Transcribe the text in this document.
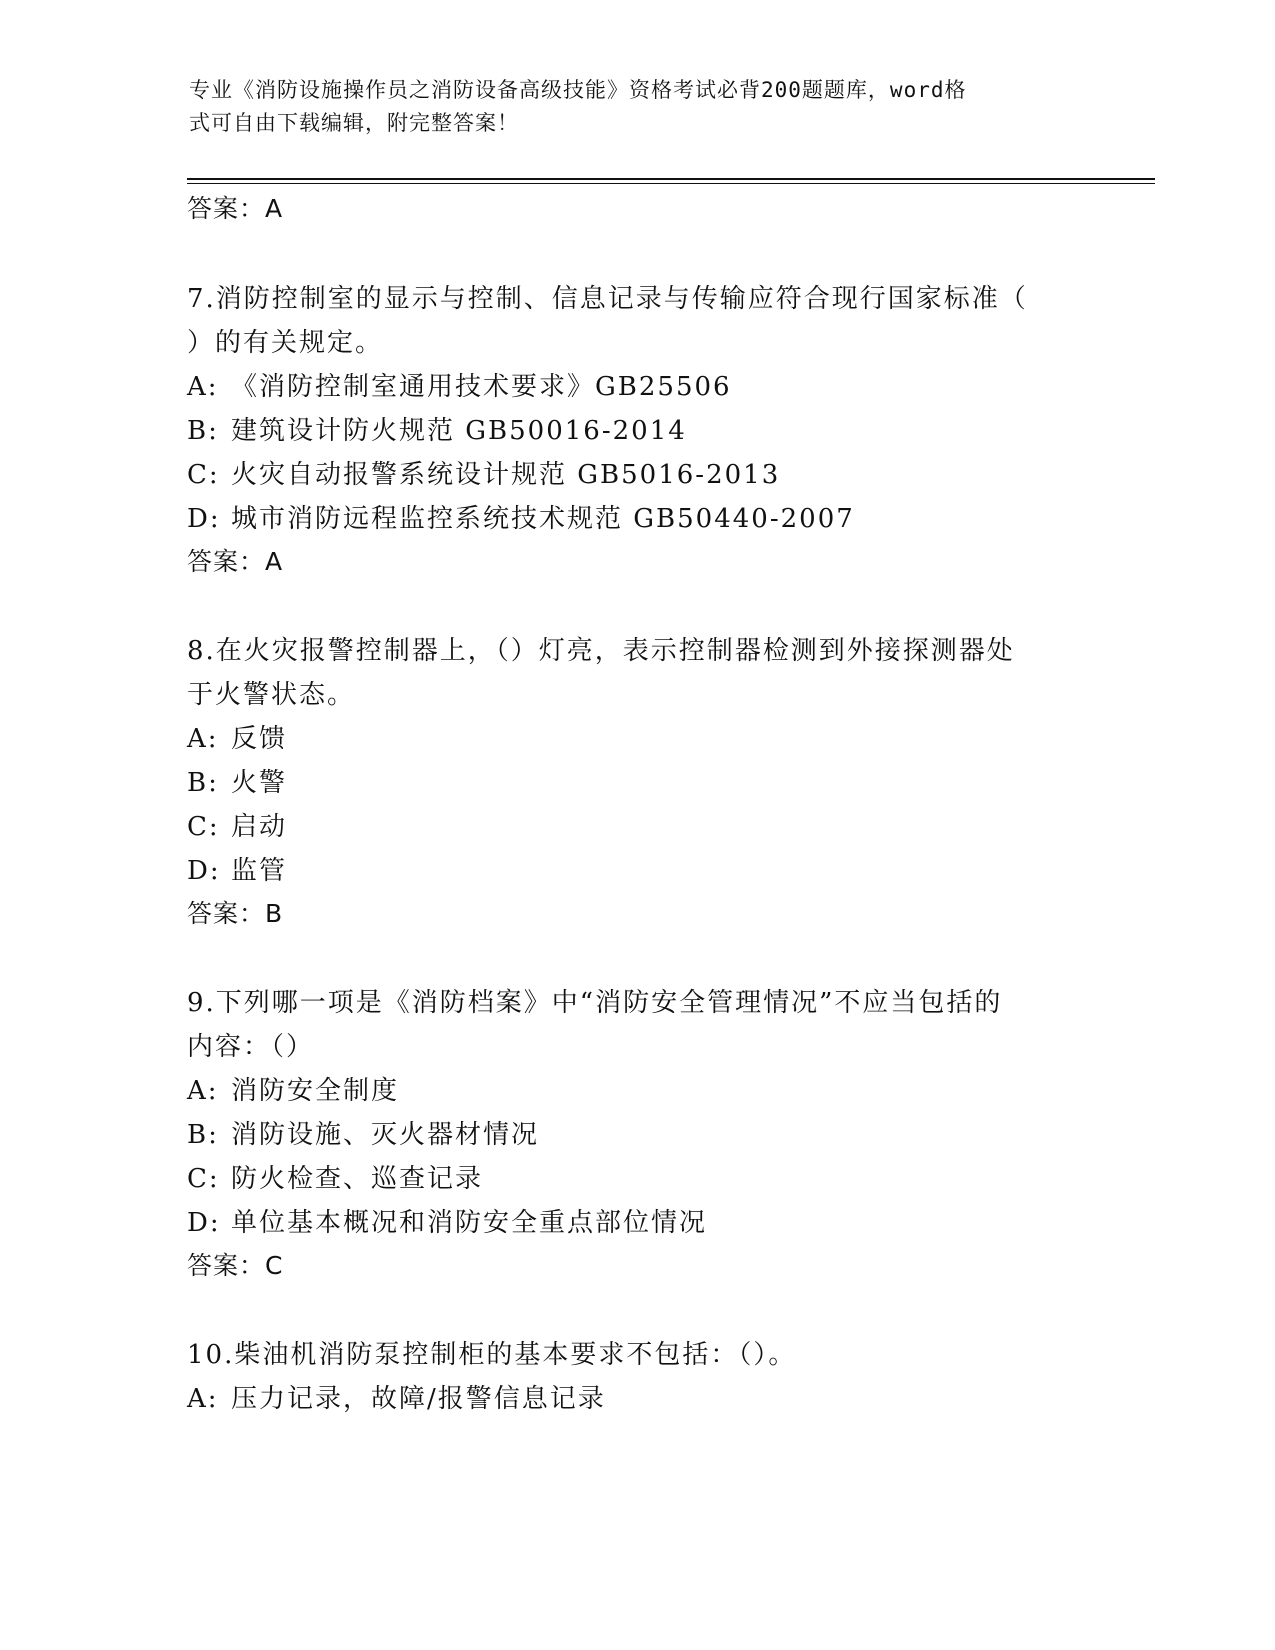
专业《消防设施操作员之消防设备高级技能》资格考试必背200题题库，word格
式可自由下载编辑，附完整答案！
答案：A
7.消防控制室的显示与控制、信息记录与传输应符合现行国家标准（
）的有关规定。
A: 《消防控制室通用技术要求》GB25506
B: 建筑设计防火规范 GB50016-2014
C: 火灾自动报警系统设计规范 GB5016-2013
D: 城市消防远程监控系统技术规范 GB50440-2007
答案：A
8.在火灾报警控制器上，（）灯亮，表示控制器检测到外接探测器处
于火警状态。
A: 反馈
B: 火警
C: 启动
D: 监管
答案：B
9.下列哪一项是《消防档案》中“消防安全管理情况”不应当包括的
内容：（）
A: 消防安全制度
B: 消防设施、灭火器材情况
C: 防火检查、巡查记录
D: 单位基本概况和消防安全重点部位情况
答案：C
10.柴油机消防泵控制柜的基本要求不包括：（）。
A: 压力记录，故障/报警信息记录
